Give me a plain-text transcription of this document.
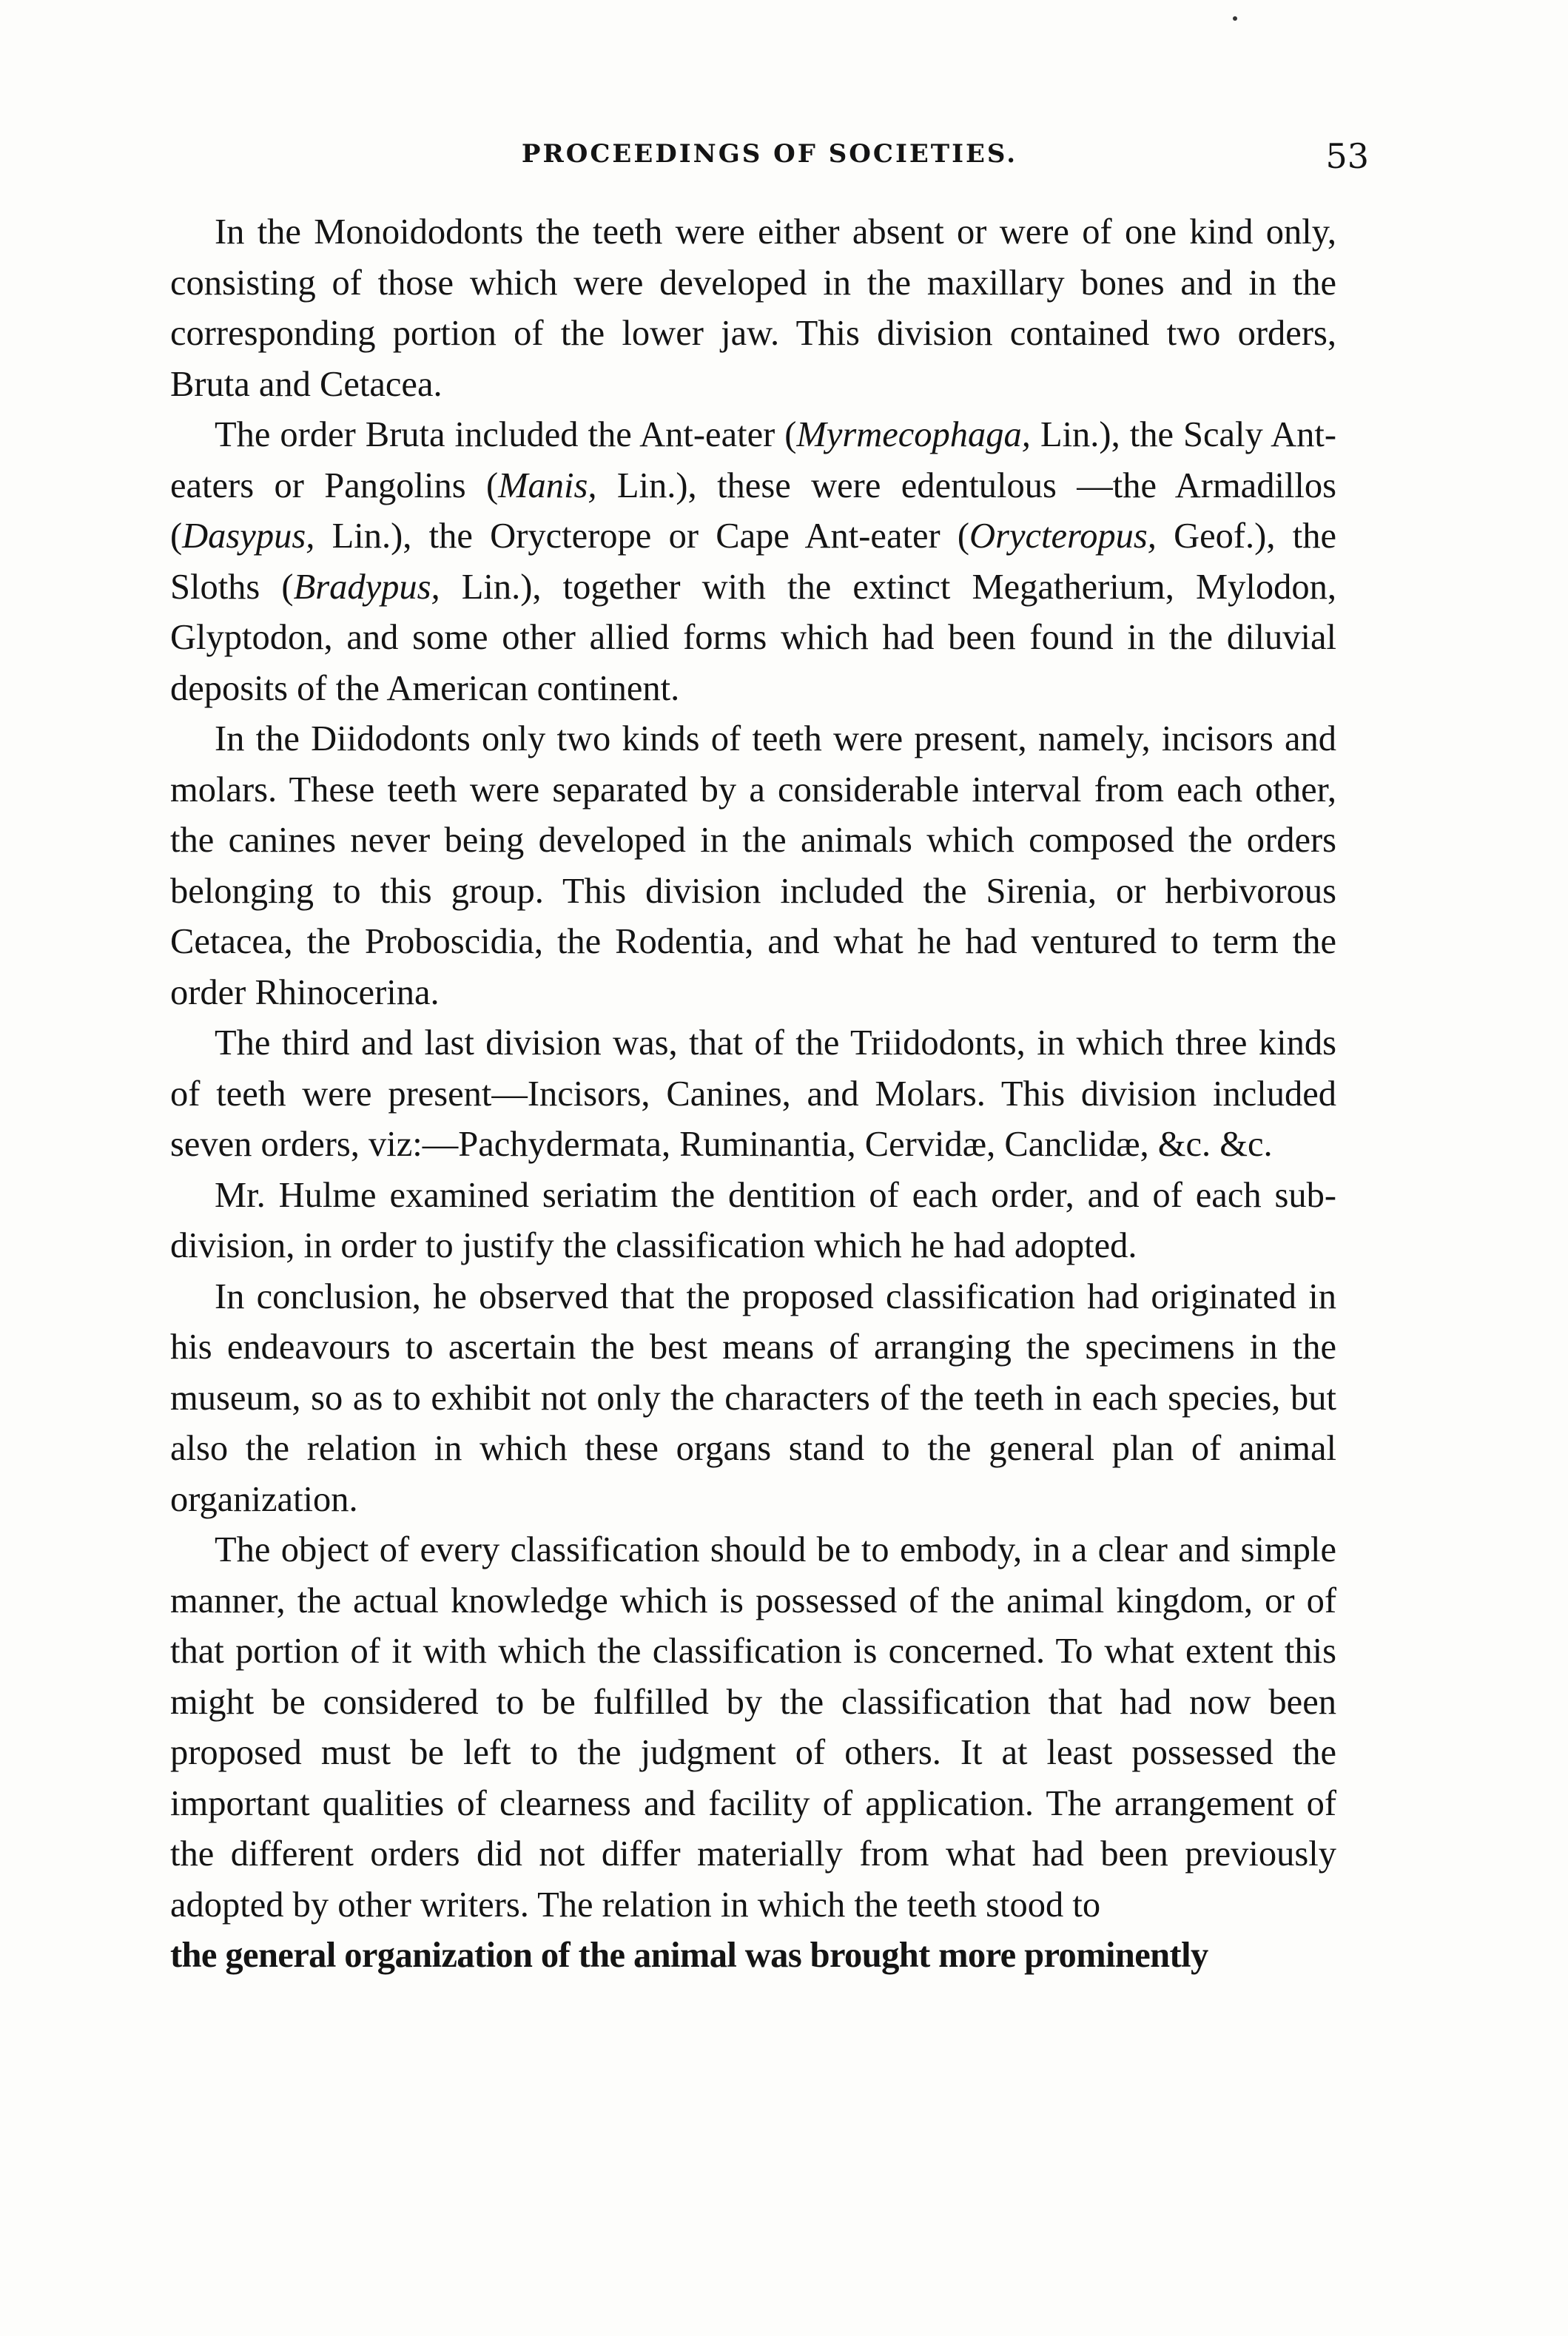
PROCEEDINGS OF SOCIETIES.	53

In the Monoidodonts the teeth were either absent or were of one kind only, consisting of those which were developed in the maxillary bones and in the corresponding portion of the lower jaw. This division contained two orders, Bruta and Cetacea.

The order Bruta included the Ant-eater (Myrmecophaga, Lin.), the Scaly Ant-eaters or Pangolins (Manis, Lin.), these were edentulous —the Armadillos (Dasypus, Lin.), the Orycterope or Cape Ant-eater (Orycteropus, Geof.), the Sloths (Bradypus, Lin.), together with the extinct Megatherium, Mylodon, Glyptodon, and some other allied forms which had been found in the diluvial deposits of the American continent.

In the Diidodonts only two kinds of teeth were present, namely, incisors and molars. These teeth were separated by a considerable interval from each other, the canines never being developed in the animals which composed the orders belonging to this group. This division included the Sirenia, or herbivorous Cetacea, the Proboscidia, the Rodentia, and what he had ventured to term the order Rhinocerina.

The third and last division was, that of the Triidodonts, in which three kinds of teeth were present—Incisors, Canines, and Molars. This division included seven orders, viz:—Pachydermata, Ruminantia, Cervidæ, Canclidæ, &c. &c.

Mr. Hulme examined seriatim the dentition of each order, and of each sub-division, in order to justify the classification which he had adopted.

In conclusion, he observed that the proposed classification had originated in his endeavours to ascertain the best means of arranging the specimens in the museum, so as to exhibit not only the characters of the teeth in each species, but also the relation in which these organs stand to the general plan of animal organization.

The object of every classification should be to embody, in a clear and simple manner, the actual knowledge which is possessed of the animal kingdom, or of that portion of it with which the classification is concerned. To what extent this might be considered to be fulfilled by the classification that had now been proposed must be left to the judgment of others. It at least possessed the important qualities of clearness and facility of application. The arrangement of the different orders did not differ materially from what had been previously adopted by other writers. The relation in which the teeth stood to

the general organization of the animal was brought more prominently
